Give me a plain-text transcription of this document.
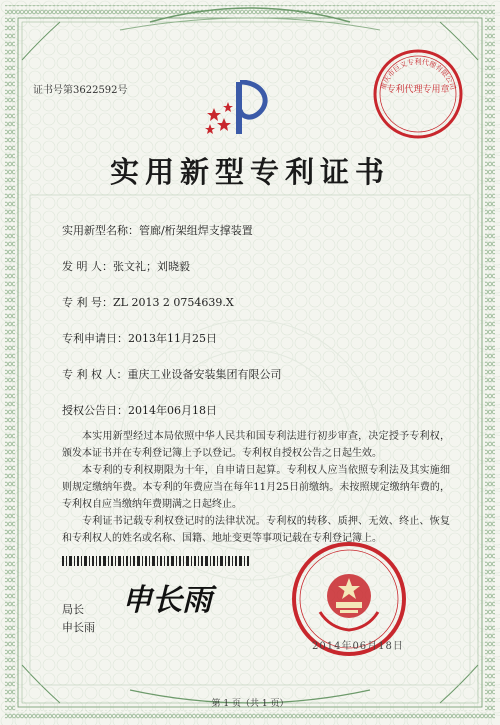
证书号第3622592号	专利代理专用章
重庆市巨义专利代理有限公司
实用新型专利证书
实用新型名称：管廊/桁架组焊支撑装置
发 明 人：张文礼；刘晓毅
专 利 号：ZL 2013 2 0754639.X
专利申请日：2013年11月25日
专 利 权 人：重庆工业设备安装集团有限公司
授权公告日：2014年06月18日

本实用新型经过本局依照中华人民共和国专利法进行初步审查，决定授予专利权，颁发本证书并在专利登记簿上予以登记。专利权自授权公告之日起生效。

本专利的专利权期限为十年，自申请日起算。专利权人应当依照专利法及其实施细则规定缴纳年费。本专利的年费应当在每年11月25日前缴纳。未按照规定缴纳年费的，专利权自应当缴纳年费期满之日起终止。

专利证书记载专利权登记时的法律状况。专利权的转移、质押、无效、终止、恢复和专利权人的姓名或名称、国籍、地址变更等事项记载在专利登记簿上。

申长雨
局长
申长雨
2014年06月18日
第 1 页（共 1 页）
